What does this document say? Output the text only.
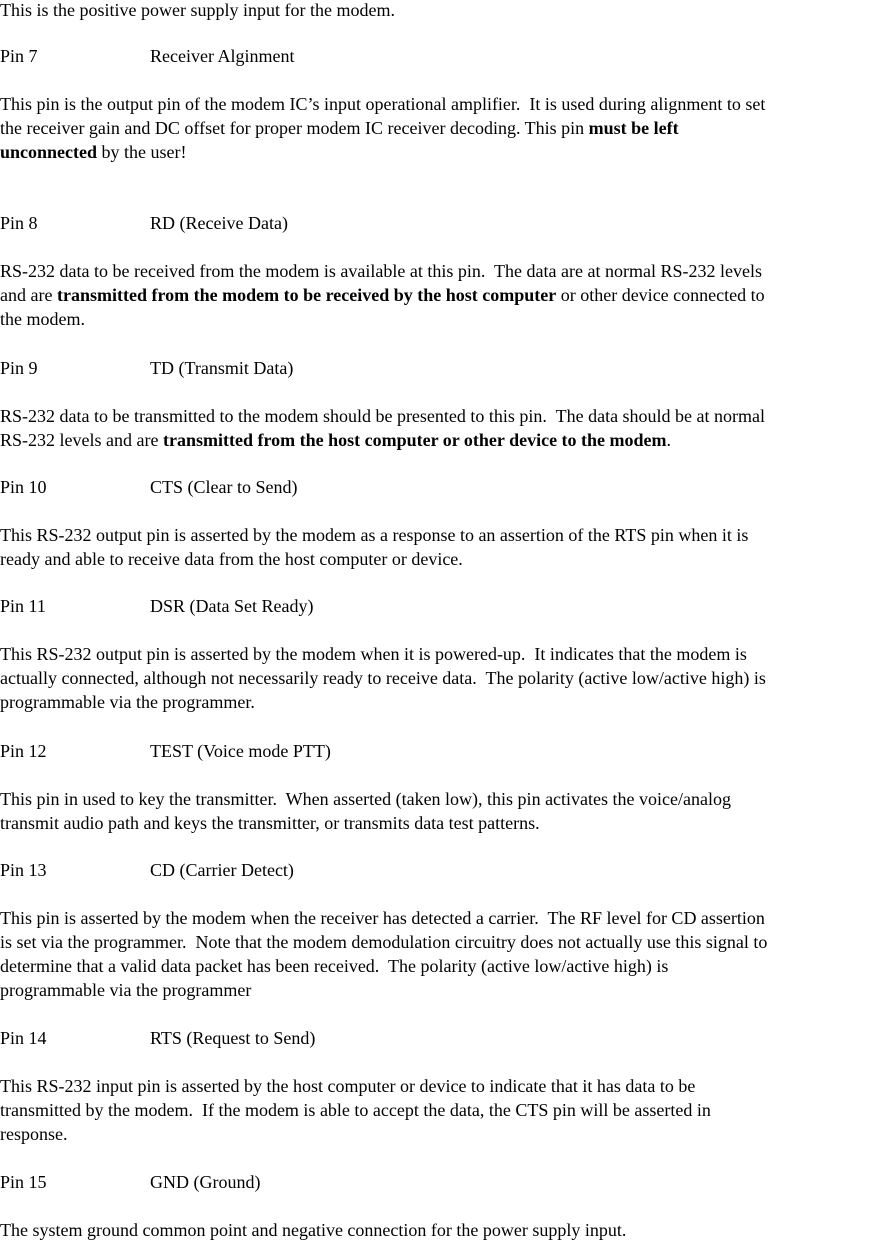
This is the positive power supply input for the modem.
Pin 7	Receiver Alginment
This pin is the output pin of the modem IC’s input operational amplifier.  It is used during alignment to set
the receiver gain and DC offset for proper modem IC receiver decoding. This pin must be left
unconnected by the user!
Pin 8	RD (Receive Data)
RS-232 data to be received from the modem is available at this pin.  The data are at normal RS-232 levels
and are transmitted from the modem to be received by the host computer or other device connected to
the modem.
Pin 9	TD (Transmit Data)
RS-232 data to be transmitted to the modem should be presented to this pin.  The data should be at normal
RS-232 levels and are transmitted from the host computer or other device to the modem.
Pin 10	CTS (Clear to Send)
This RS-232 output pin is asserted by the modem as a response to an assertion of the RTS pin when it is
ready and able to receive data from the host computer or device.
Pin 11	DSR (Data Set Ready)
This RS-232 output pin is asserted by the modem when it is powered-up.  It indicates that the modem is
actually connected, although not necessarily ready to receive data.  The polarity (active low/active high) is
programmable via the programmer.
Pin 12	TEST (Voice mode PTT)
This pin in used to key the transmitter.  When asserted (taken low), this pin activates the voice/analog
transmit audio path and keys the transmitter, or transmits data test patterns.
Pin 13	CD (Carrier Detect)
This pin is asserted by the modem when the receiver has detected a carrier.  The RF level for CD assertion
is set via the programmer.  Note that the modem demodulation circuitry does not actually use this signal to
determine that a valid data packet has been received.  The polarity (active low/active high) is
programmable via the programmer
Pin 14	RTS (Request to Send)
This RS-232 input pin is asserted by the host computer or device to indicate that it has data to be
transmitted by the modem.  If the modem is able to accept the data, the CTS pin will be asserted in
response.
Pin 15	GND (Ground)
The system ground common point and negative connection for the power supply input.
